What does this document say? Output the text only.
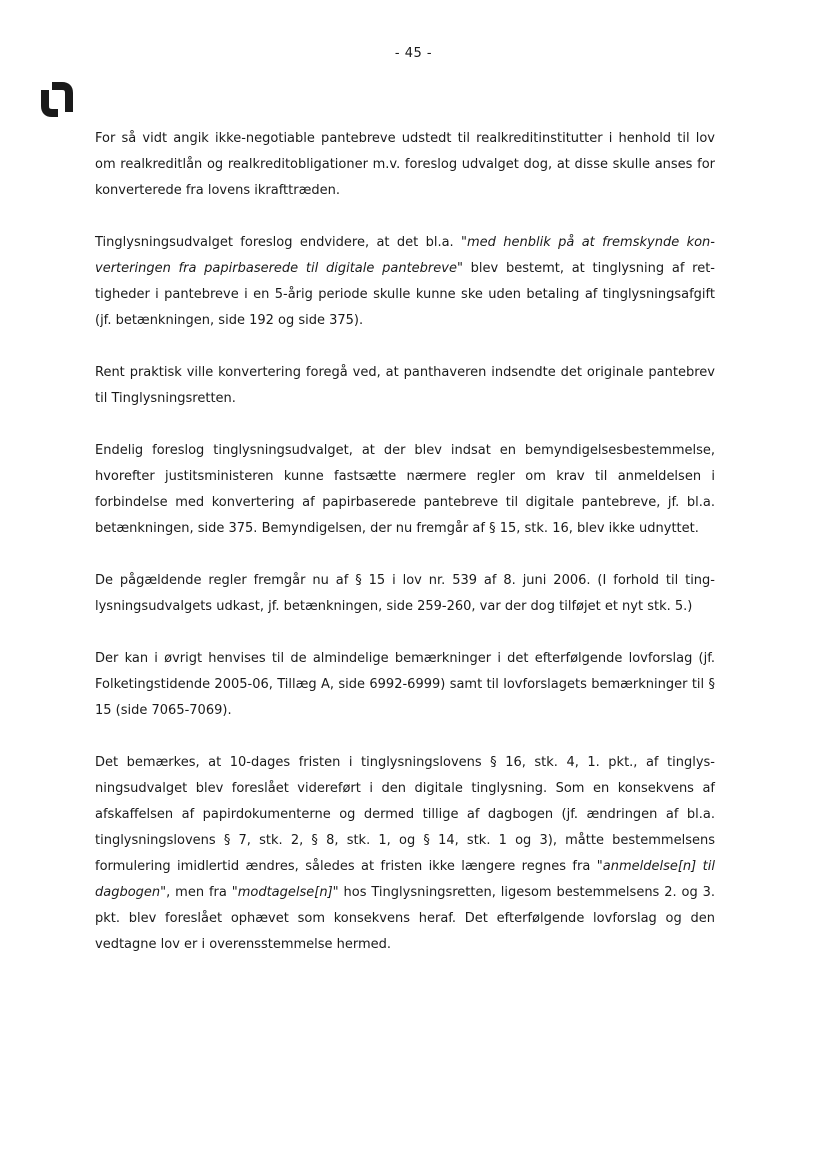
- 45 -

For så vidt angik ikke-negotiable pantebreve udstedt til realkreditinstitutter i henhold til lov om realkreditlån og realkreditobligationer m.v. foreslog udvalget dog, at disse skulle anses for konverterede fra lovens ikrafttræden.

Tinglysningsudvalget foreslog endvidere, at det bl.a. "med henblik på at fremskynde konverteringen fra papirbaserede til digitale pantebreve" blev bestemt, at tinglysning af rettigheder i pantebreve i en 5-årig periode skulle kunne ske uden betaling af tinglysningsafgift (jf. betænkningen, side 192 og side 375).

Rent praktisk ville konvertering foregå ved, at panthaveren indsendte det originale pantebrev til Tinglysningsretten.

Endelig foreslog tinglysningsudvalget, at der blev indsat en bemyndigelsesbestemmelse, hvorefter justitsministeren kunne fastsætte nærmere regler om krav til anmeldelsen i forbindelse med konvertering af papirbaserede pantebreve til digitale pantebreve, jf. bl.a. betænkningen, side 375. Bemyndigelsen, der nu fremgår af § 15, stk. 16, blev ikke udnyttet.

De pågældende regler fremgår nu af § 15 i lov nr. 539 af 8. juni 2006. (I forhold til tinglysningsudvalgets udkast, jf. betænkningen, side 259-260, var der dog tilføjet et nyt stk. 5.)

Der kan i øvrigt henvises til de almindelige bemærkninger i det efterfølgende lovforslag (jf. Folketingstidende 2005-06, Tillæg A, side 6992-6999) samt til lovforslagets bemærkninger til § 15 (side 7065-7069).

Det bemærkes, at 10-dages fristen i tinglysningslovens § 16, stk. 4, 1. pkt., af tinglysningsudvalget blev foreslået videreført i den digitale tinglysning. Som en konsekvens af afskaffelsen af papirdokumenterne og dermed tillige af dagbogen (jf. ændringen af bl.a. tinglysningslovens § 7, stk. 2, § 8, stk. 1, og § 14, stk. 1 og 3), måtte bestemmelsens formulering imidlertid ændres, således at fristen ikke længere regnes fra "anmeldelse[n] til dagbogen", men fra "modtagelse[n]" hos Tinglysningsretten, ligesom bestemmelsens 2. og 3. pkt. blev foreslået ophævet som konsekvens heraf. Det efterfølgende lovforslag og den vedtagne lov er i overensstemmelse hermed.
